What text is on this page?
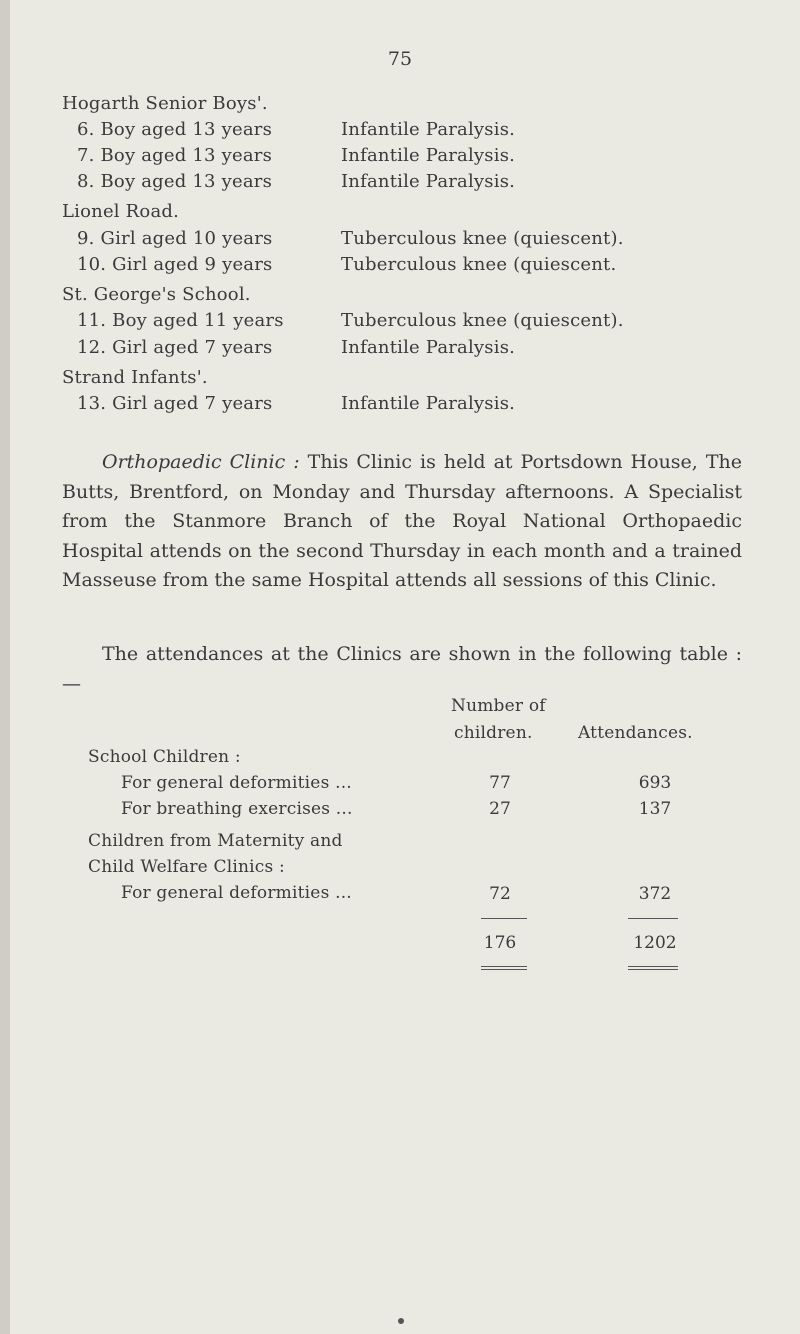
75
Hogarth Senior Boys'.
6. Boy aged 13 years	Infantile Paralysis.
7. Boy aged 13 years	Infantile Paralysis.
8. Boy aged 13 years	Infantile Paralysis.
Lionel Road.
9. Girl aged 10 years	Tuberculous knee (quiescent).
10. Girl aged 9 years	Tuberculous knee (quiescent.
St. George's School.
11. Boy aged 11 years	Tuberculous knee (quiescent).
12. Girl aged 7 years	Infantile Paralysis.
Strand Infants'.
13. Girl aged 7 years	Infantile Paralysis.
Orthopaedic Clinic : This Clinic is held at Portsdown House, The Butts, Brentford, on Monday and Thursday afternoons. A Specialist from the Stanmore Branch of the Royal National Orthopaedic Hospital attends on the second Thursday in each month and a trained Masseuse from the same Hospital attends all sessions of this Clinic.
The attendances at the Clinics are shown in the following table :—
Number of
children.	Attendances.
School Children :
For general deformities ...	77	693
For breathing exercises ...	27	137
Children from Maternity and
Child Welfare Clinics :
For general deformities ...	72	372
176	1202
